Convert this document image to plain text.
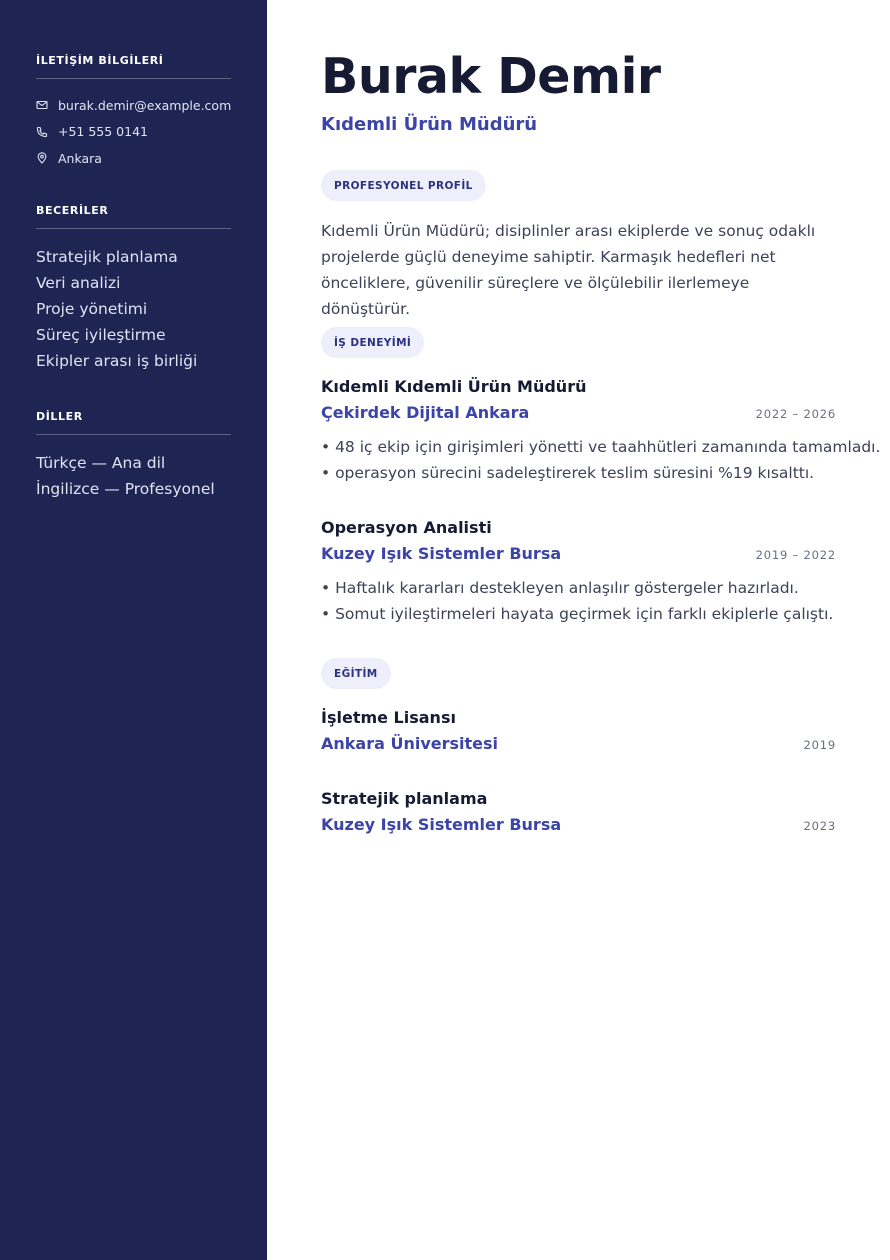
İLETİŞİM BİLGİLERİ
burak.demir@example.com
+51 555 0141
Ankara
BECERİLER
Stratejik planlama
Veri analizi
Proje yönetimi
Süreç iyileştirme
Ekipler arası iş birliği
DİLLER
Türkçe — Ana dil
İngilizce — Profesyonel
Burak Demir
Kıdemli Ürün Müdürü
PROFESYONEL PROFİL

Kıdemli Ürün Müdürü; disiplinler arası ekiplerde ve sonuç odaklı projelerde güçlü deneyime sahiptir. Karmaşık hedefleri net önceliklere, güvenilir süreçlere ve ölçülebilir ilerlemeye dönüştürür.

İŞ DENEYİMİ
Kıdemli Kıdemli Ürün Müdürü
Çekirdek Dijital Ankara	2022 – 2026
• 48 iç ekip için girişimleri yönetti ve taahhütleri zamanında tamamladı.
• operasyon sürecini sadeleştirerek teslim süresini %19 kısalttı.
Operasyon Analisti
Kuzey Işık Sistemler Bursa	2019 – 2022
• Haftalık kararları destekleyen anlaşılır göstergeler hazırladı.
• Somut iyileştirmeleri hayata geçirmek için farklı ekiplerle çalıştı.
EĞİTİM
İşletme Lisansı
Ankara Üniversitesi	2019
Stratejik planlama
Kuzey Işık Sistemler Bursa	2023
